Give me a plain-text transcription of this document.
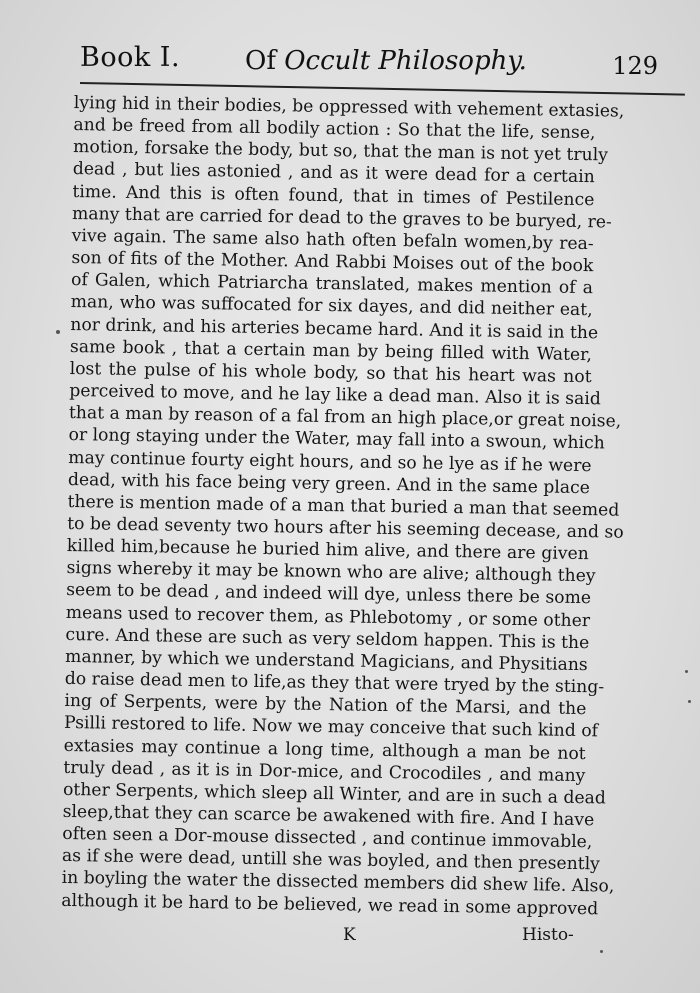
Book I. Of Occult Philosophy.	129
lying hid in their bodies, be oppressed with vehement extasies,
and be freed from all bodily action : So that the life, sense,
motion, forsake the body, but so, that the man is not yet truly
dead , but lies astonied , and as it were dead for a certain
time. And this is often found, that in times of Pestilence
many that are carried for dead to the graves to be buryed, re-
vive again. The same also hath often befaln women,by rea-
son of fits of the Mother. And Rabbi Moises out of the book
of Galen, which Patriarcha translated, makes mention of a
man, who was suffocated for six dayes, and did neither eat,
nor drink, and his arteries became hard. And it is said in the
same book , that a certain man by being filled with Water,
lost the pulse of his whole body, so that his heart was not
perceived to move, and he lay like a dead man. Also it is said
that a man by reason of a fal from an high place,or great noise,
or long staying under the Water, may fall into a swoun, which
may continue fourty eight hours, and so he lye as if he were
dead, with his face being very green. And in the same place
there is mention made of a man that buried a man that seemed
to be dead seventy two hours after his seeming decease, and so
killed him,because he buried him alive, and there are given
signs whereby it may be known who are alive; although they
seem to be dead , and indeed will dye, unless there be some
means used to recover them, as Phlebotomy , or some other
cure. And these are such as very seldom happen. This is the
manner, by which we understand Magicians, and Physitians
do raise dead men to life,as they that were tryed by the sting-
ing of Serpents, were by the Nation of the Marsi, and the
Psilli restored to life. Now we may conceive that such kind of
extasies may continue a long time, although a man be not
truly dead , as it is in Dor-mice, and Crocodiles , and many
other Serpents, which sleep all Winter, and are in such a dead
sleep,that they can scarce be awakened with fire. And I have
often seen a Dor-mouse dissected , and continue immovable,
as if she were dead, untill she was boyled, and then presently
in boyling the water the dissected members did shew life. Also,
although it be hard to be believed, we read in some approved
K	Histo-
